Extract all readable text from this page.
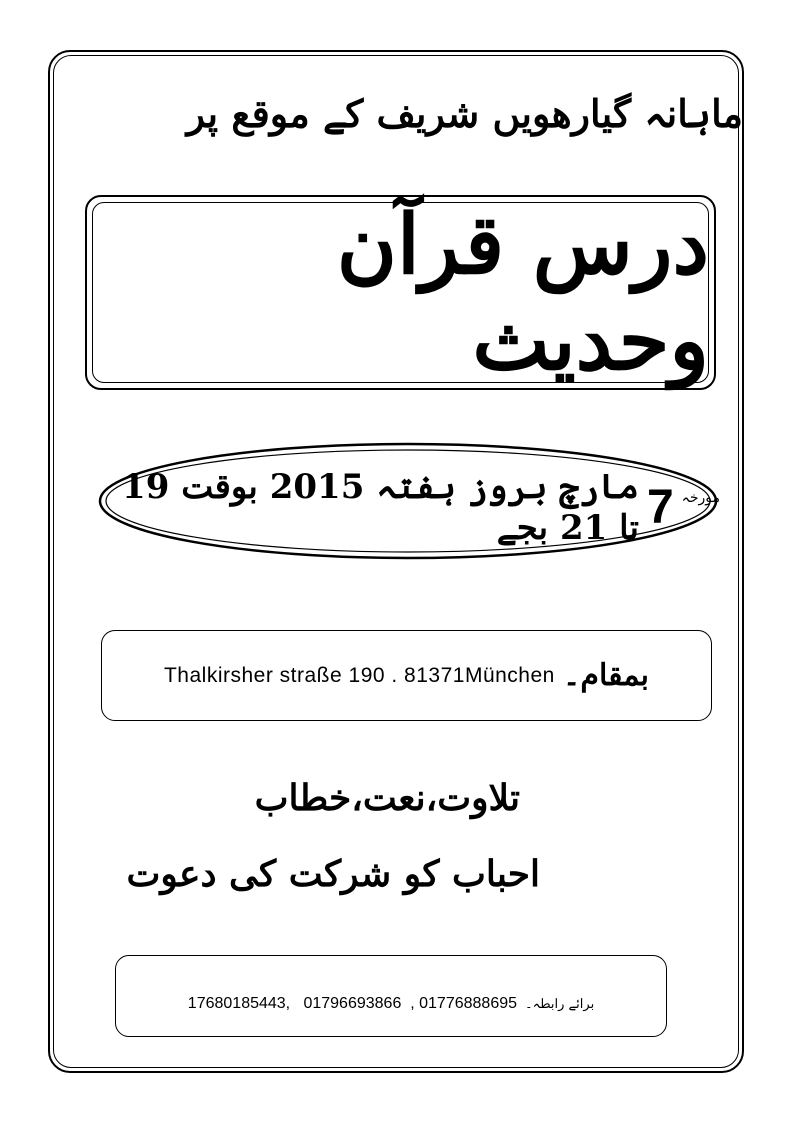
ماہانہ گیارھویں شریف کے موقع پر
درس قرآن وحدیث
مورخہ
7
مارچ بروز ہفتہ 2015 بوقت 19 تا 21 بجے
Thalkirsher straße 190 . 81371München بمقام۔
تلاوت،نعت،خطاب
احباب کو شرکت کی دعوت
17680185443,   01796693866  , 01776888695 برائے رابطہ۔
